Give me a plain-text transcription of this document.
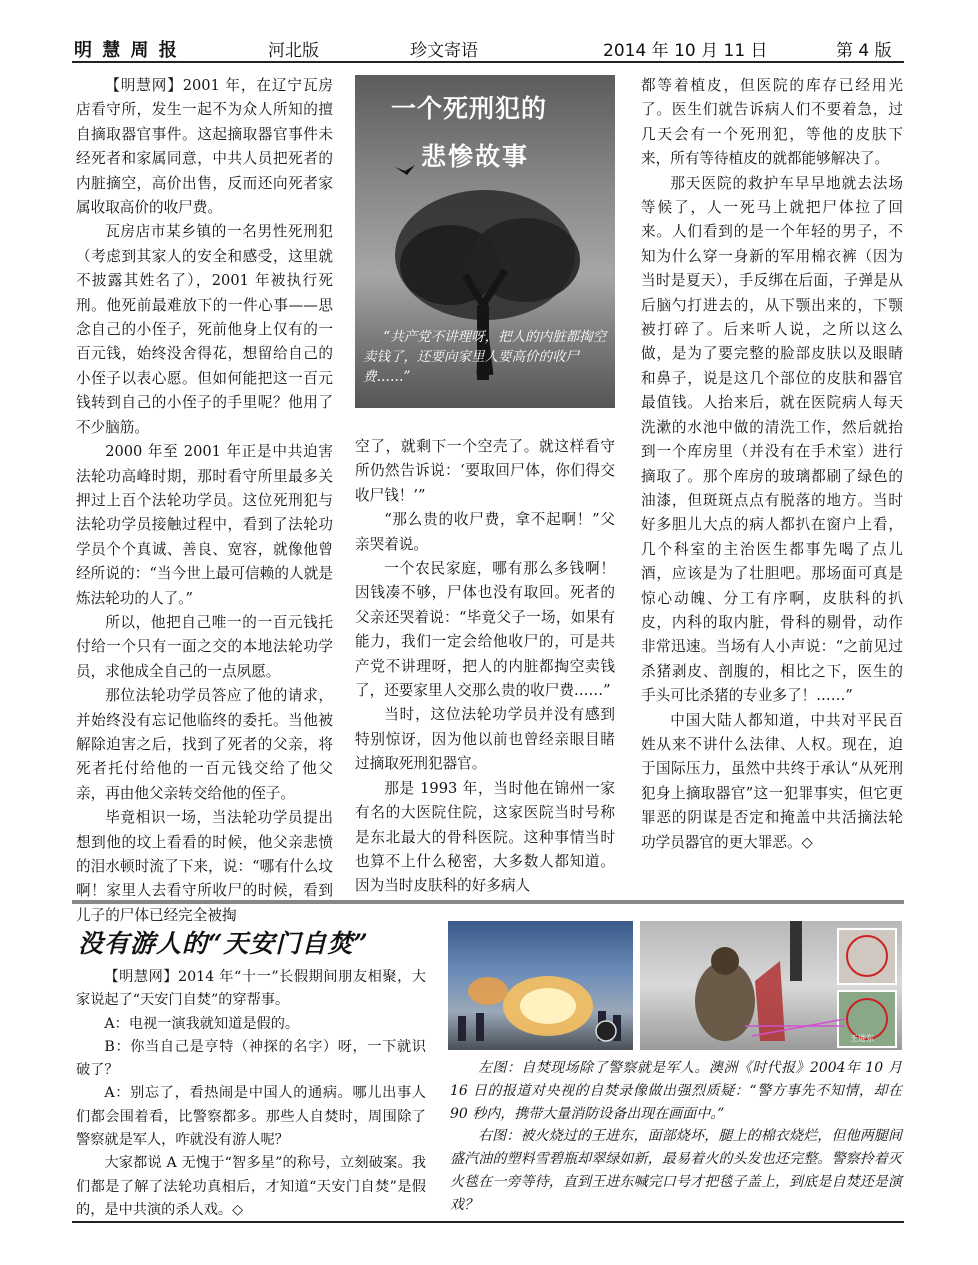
明 慧 周 报	河北版	珍文寄语	2014 年 10 月 11 日	第 4 版

【明慧网】2001 年，在辽宁瓦房店看守所，发生一起不为众人所知的擅自摘取器官事件。这起摘取器官事件未经死者和家属同意，中共人员把死者的内脏摘空，高价出售，反而还向死者家属收取高价的收尸费。

瓦房店市某乡镇的一名男性死刑犯（考虑到其家人的安全和感受，这里就不披露其姓名了），2001 年被执行死刑。他死前最难放下的一件心事——思念自己的小侄子，死前他身上仅有的一百元钱，始终没舍得花，想留给自己的小侄子以表心愿。但如何能把这一百元钱转到自己的小侄子的手里呢？他用了不少脑筋。

2000 年至 2001 年正是中共迫害法轮功高峰时期，那时看守所里最多关押过上百个法轮功学员。这位死刑犯与法轮功学员接触过程中，看到了法轮功学员个个真诚、善良、宽容，就像他曾经所说的：“当今世上最可信赖的人就是炼法轮功的人了。”

所以，他把自己唯一的一百元钱托付给一个只有一面之交的本地法轮功学员，求他成全自己的一点夙愿。

那位法轮功学员答应了他的请求，并始终没有忘记他临终的委托。当他被解除迫害之后，找到了死者的父亲，将死者托付给他的一百元钱交给了他父亲，再由他父亲转交给他的侄子。

毕竟相识一场，当法轮功学员提出想到他的坟上看看的时候，他父亲悲愤的泪水顿时流了下来，说：“哪有什么坟啊！家里人去看守所收尸的时候，看到儿子的尸体已经完全被掏

一个死刑犯的
悲惨故事
“共产党不讲理呀，把人的内脏都掏空卖钱了，还要向家里人要高价的收尸费……”

空了，就剩下一个空壳了。就这样看守所仍然告诉说：‘要取回尸体，你们得交收尸钱！’”

“那么贵的收尸费，拿不起啊！”父亲哭着说。

一个农民家庭，哪有那么多钱啊！因钱凑不够，尸体也没有取回。死者的父亲还哭着说：“毕竟父子一场，如果有能力，我们一定会给他收尸的，可是共产党不讲理呀，把人的内脏都掏空卖钱了，还要家里人交那么贵的收尸费……”

当时，这位法轮功学员并没有感到特别惊讶，因为他以前也曾经亲眼目睹过摘取死刑犯器官。

那是 1993 年，当时他在锦州一家有名的大医院住院，这家医院当时号称是东北最大的骨科医院。这种事情当时也算不上什么秘密，大多数人都知道。因为当时皮肤科的好多病人

都等着植皮，但医院的库存已经用光了。医生们就告诉病人们不要着急，过几天会有一个死刑犯，等他的皮肤下来，所有等待植皮的就都能够解决了。

那天医院的救护车早早地就去法场等候了，人一死马上就把尸体拉了回来。人们看到的是一个年轻的男子，不知为什么穿一身新的军用棉衣裤（因为当时是夏天），手反绑在后面，子弹是从后脑勺打进去的，从下颚出来的，下颚被打碎了。后来听人说，之所以这么做，是为了要完整的脸部皮肤以及眼睛和鼻子，说是这几个部位的皮肤和器官最值钱。人抬来后，就在医院病人每天洗漱的水池中做的清洗工作，然后就抬到一个库房里（并没有在手术室）进行摘取了。那个库房的玻璃都刷了绿色的油漆，但斑斑点点有脱落的地方。当时好多胆儿大点的病人都扒在窗户上看，几个科室的主治医生都事先喝了点儿酒，应该是为了壮胆吧。那场面可真是惊心动魄、分工有序啊，皮肤科的扒皮，内科的取内脏，骨科的剔骨，动作非常迅速。当场有人小声说：“之前见过杀猪剥皮、剖腹的，相比之下，医生的手头可比杀猪的专业多了！……”

中国大陆人都知道，中共对平民百姓从来不讲什么法律、人权。现在，迫于国际压力，虽然中共终于承认“从死刑犯身上摘取器官”这一犯罪事实，但它更罪恶的阴谋是否定和掩盖中共活摘法轮功学员器官的更大罪恶。◇

没有游人的“天安门自焚”

【明慧网】2014 年“十一”长假期间朋友相聚，大家说起了“天安门自焚”的穿帮事。

A：电视一演我就知道是假的。

B：你当自己是亨特（神探的名字）呀，一下就识破了？

A：别忘了，看热闹是中国人的通病。哪儿出事人们都会围着看，比警察都多。那些人自焚时，周围除了警察就是军人，咋就没有游人呢？

大家都说 A 无愧于“智多星”的称号，立刻破案。我们都是了解了法轮功真相后，才知道“天安门自焚”是假的，是中共演的杀人戏。◇

王进东

左图：自焚现场除了警察就是军人。澳洲《时代报》2004年 10 月 16 日的报道对央视的自焚录像做出强烈质疑：“警方事先不知情，却在 90 秒内，携带大量消防设备出现在画面中。”

右图：被火烧过的王进东，面部烧坏，腿上的棉衣烧烂，但他两腿间盛汽油的塑料雪碧瓶却翠绿如新，最易着火的头发也还完整。警察拎着灭火毯在一旁等待，直到王进东喊完口号才把毯子盖上，到底是自焚还是演戏？
